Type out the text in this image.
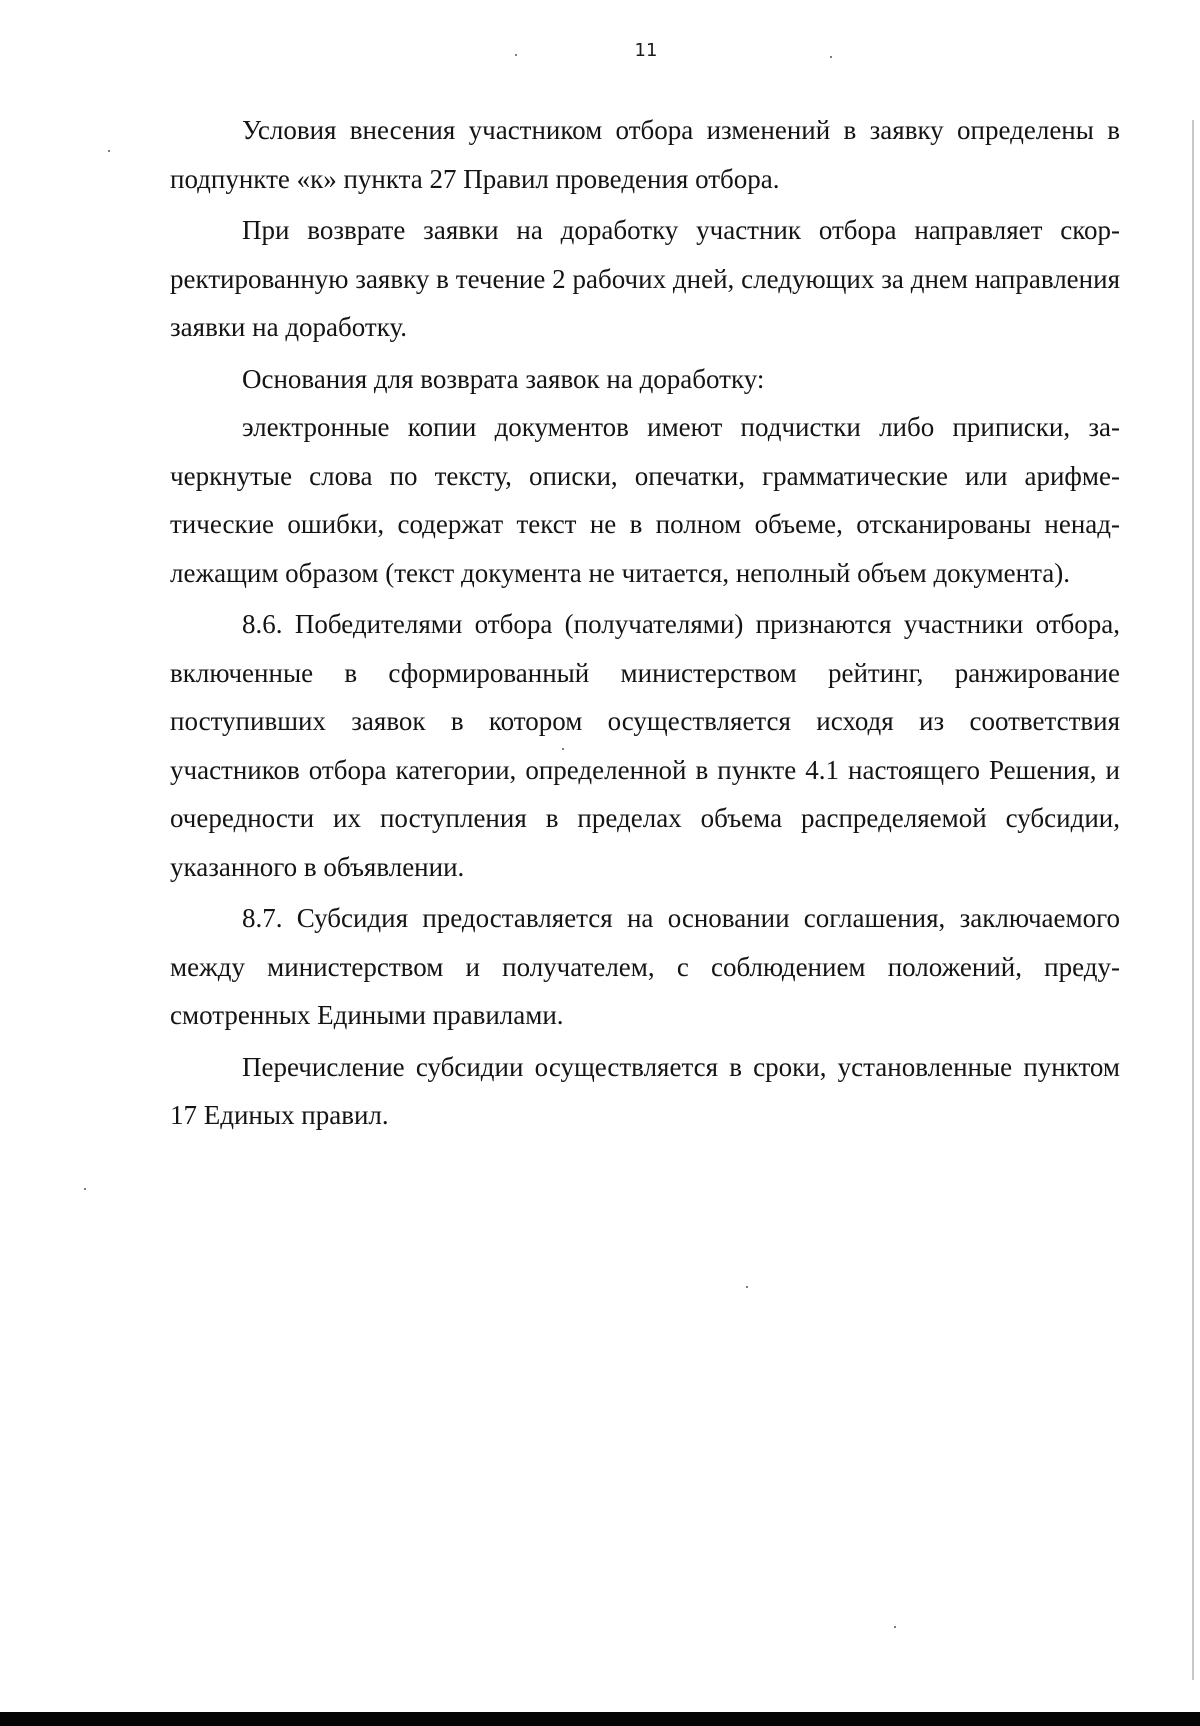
11

Условия внесения участником отбора изменений в заявку определены в подпункте «к» пункта 27 Правил проведения отбора.

При возврате заявки на доработку участник отбора направляет скорректированную заявку в течение 2 рабочих дней, следующих за днем направления заявки на доработку.

Основания для возврата заявок на доработку:

электронные копии документов имеют подчистки либо приписки, зачеркнутые слова по тексту, описки, опечатки, грамматические или арифметические ошибки, содержат текст не в полном объеме, отсканированы ненадлежащим образом (текст документа не читается, неполный объем документа).

8.6. Победителями отбора (получателями) признаются участники отбора, включенные в сформированный министерством рейтинг, ранжирование поступивших заявок в котором осуществляется исходя из соответствия участников отбора категории, определенной в пункте 4.1 настоящего Решения, и очередности их поступления в пределах объема распределяемой субсидии, указанного в объявлении.

8.7. Субсидия предоставляется на основании соглашения, заключаемого между министерством и получателем, с соблюдением положений, предусмотренных Едиными правилами.

Перечисление субсидии осуществляется в сроки, установленные пунктом 17 Единых правил.
